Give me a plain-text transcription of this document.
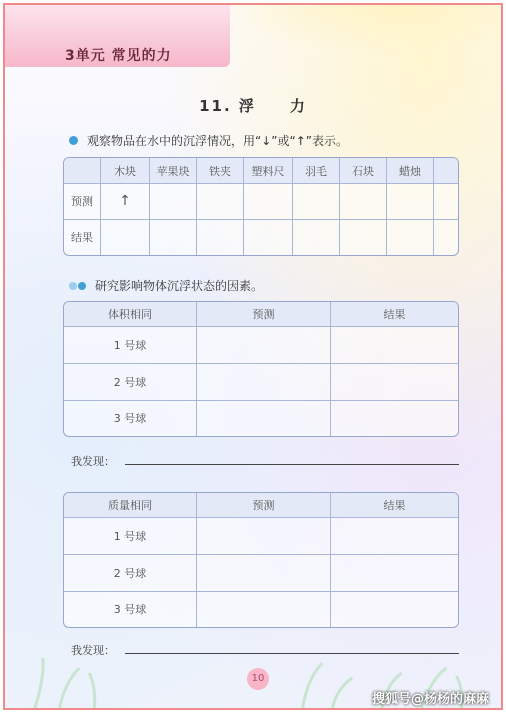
3单元 常见的力
11. 浮　　力
观察物品在水中的沉浮情况，用“↓”或“↑”表示。
	木块	苹果块	铁夹	塑料尺	羽毛	石块	蜡烛	
预测	↑							
结果								
研究影响物体沉浮状态的因素。
体积相同	预测	结果
1 号球		
2 号球		
3 号球		
我发现：
质量相同	预测	结果
1 号球		
2 号球		
3 号球		
我发现：
10
搜狐号@杨杨的麻麻
